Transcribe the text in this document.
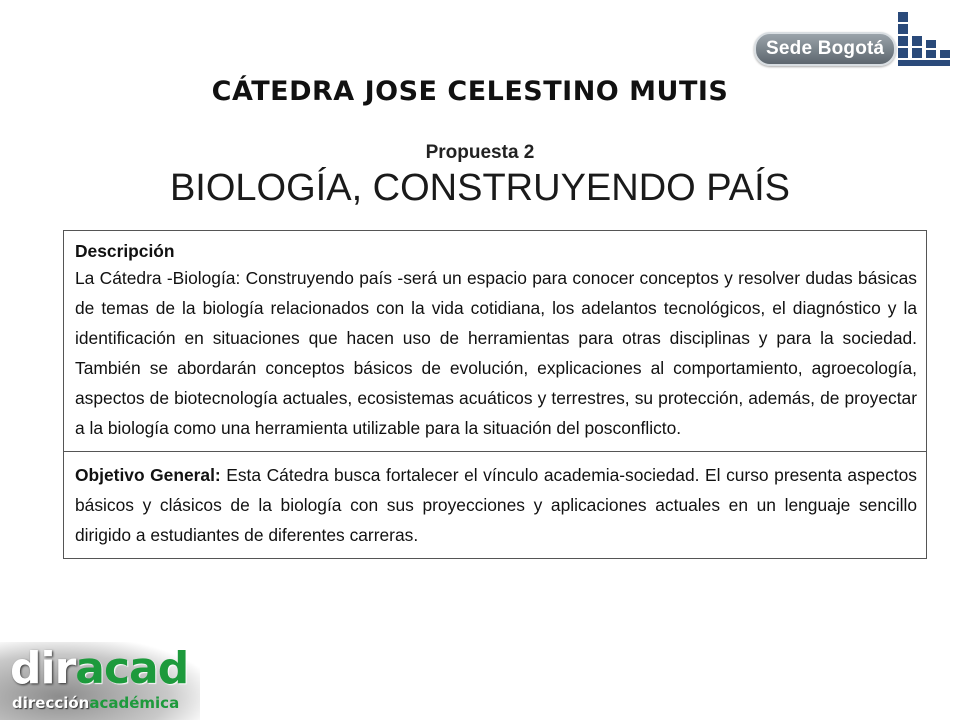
Sede Bogotá
CÁTEDRA JOSE CELESTINO MUTIS
Propuesta 2
BIOLOGÍA, CONSTRUYENDO PAÍS
Descripción
La Cátedra -Biología: Construyendo país -será un espacio para conocer conceptos y resolver dudas básicas de temas de la biología relacionados con la vida cotidiana, los adelantos tecnológicos, el diagnóstico y la identificación en situaciones que hacen uso de herramientas para otras disciplinas y para la sociedad. También se abordarán conceptos básicos de evolución, explicaciones al comportamiento, agroecología, aspectos de biotecnología actuales, ecosistemas acuáticos y terrestres, su protección, además, de proyectar a la biología como una herramienta utilizable para la situación del posconflicto.
Objetivo General: Esta Cátedra busca fortalecer el vínculo academia-sociedad. El curso presenta aspectos básicos y clásicos de la biología con sus proyecciones y aplicaciones actuales en un lenguaje sencillo dirigido a estudiantes de diferentes carreras.
diracad
direcciónacadémica
